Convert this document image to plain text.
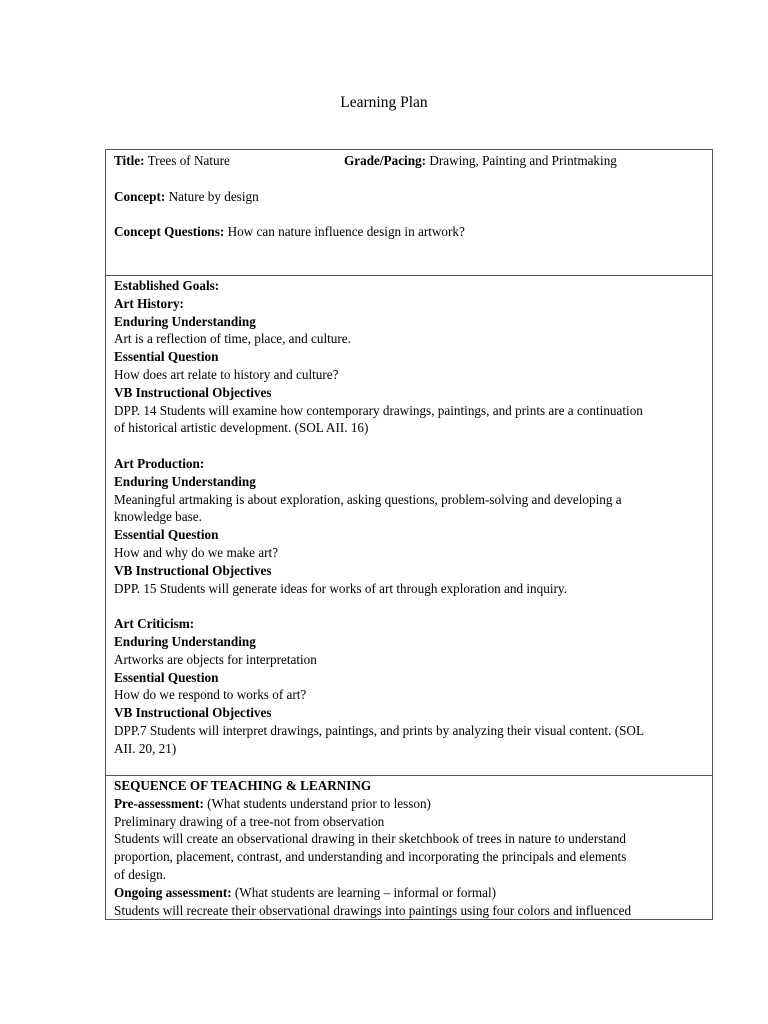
Learning Plan
Title: Trees of Nature	Grade/Pacing: Drawing, Painting and Printmaking
Concept: Nature by design
Concept Questions: How can nature influence design in artwork?
Established Goals:
Art History:
Enduring Understanding
Art is a reflection of time, place, and culture.
Essential Question
How does art relate to history and culture?
VB Instructional Objectives
DPP. 14 Students will examine how contemporary drawings, paintings, and prints are a continuation
of historical artistic development. (SOL AII. 16)
Art Production:
Enduring Understanding
Meaningful artmaking is about exploration, asking questions, problem-solving and developing a
knowledge base.
Essential Question
How and why do we make art?
VB Instructional Objectives
DPP. 15 Students will generate ideas for works of art through exploration and inquiry.
Art Criticism:
Enduring Understanding
Artworks are objects for interpretation
Essential Question
How do we respond to works of art?
VB Instructional Objectives
DPP.7 Students will interpret drawings, paintings, and prints by analyzing their visual content. (SOL
AII. 20, 21)
SEQUENCE OF TEACHING & LEARNING
Pre-assessment: (What students understand prior to lesson)
Preliminary drawing of a tree-not from observation
Students will create an observational drawing in their sketchbook of trees in nature to understand
proportion, placement, contrast, and understanding and incorporating the principals and elements
of design.
Ongoing assessment: (What students are learning – informal or formal)
Students will recreate their observational drawings into paintings using four colors and influenced
